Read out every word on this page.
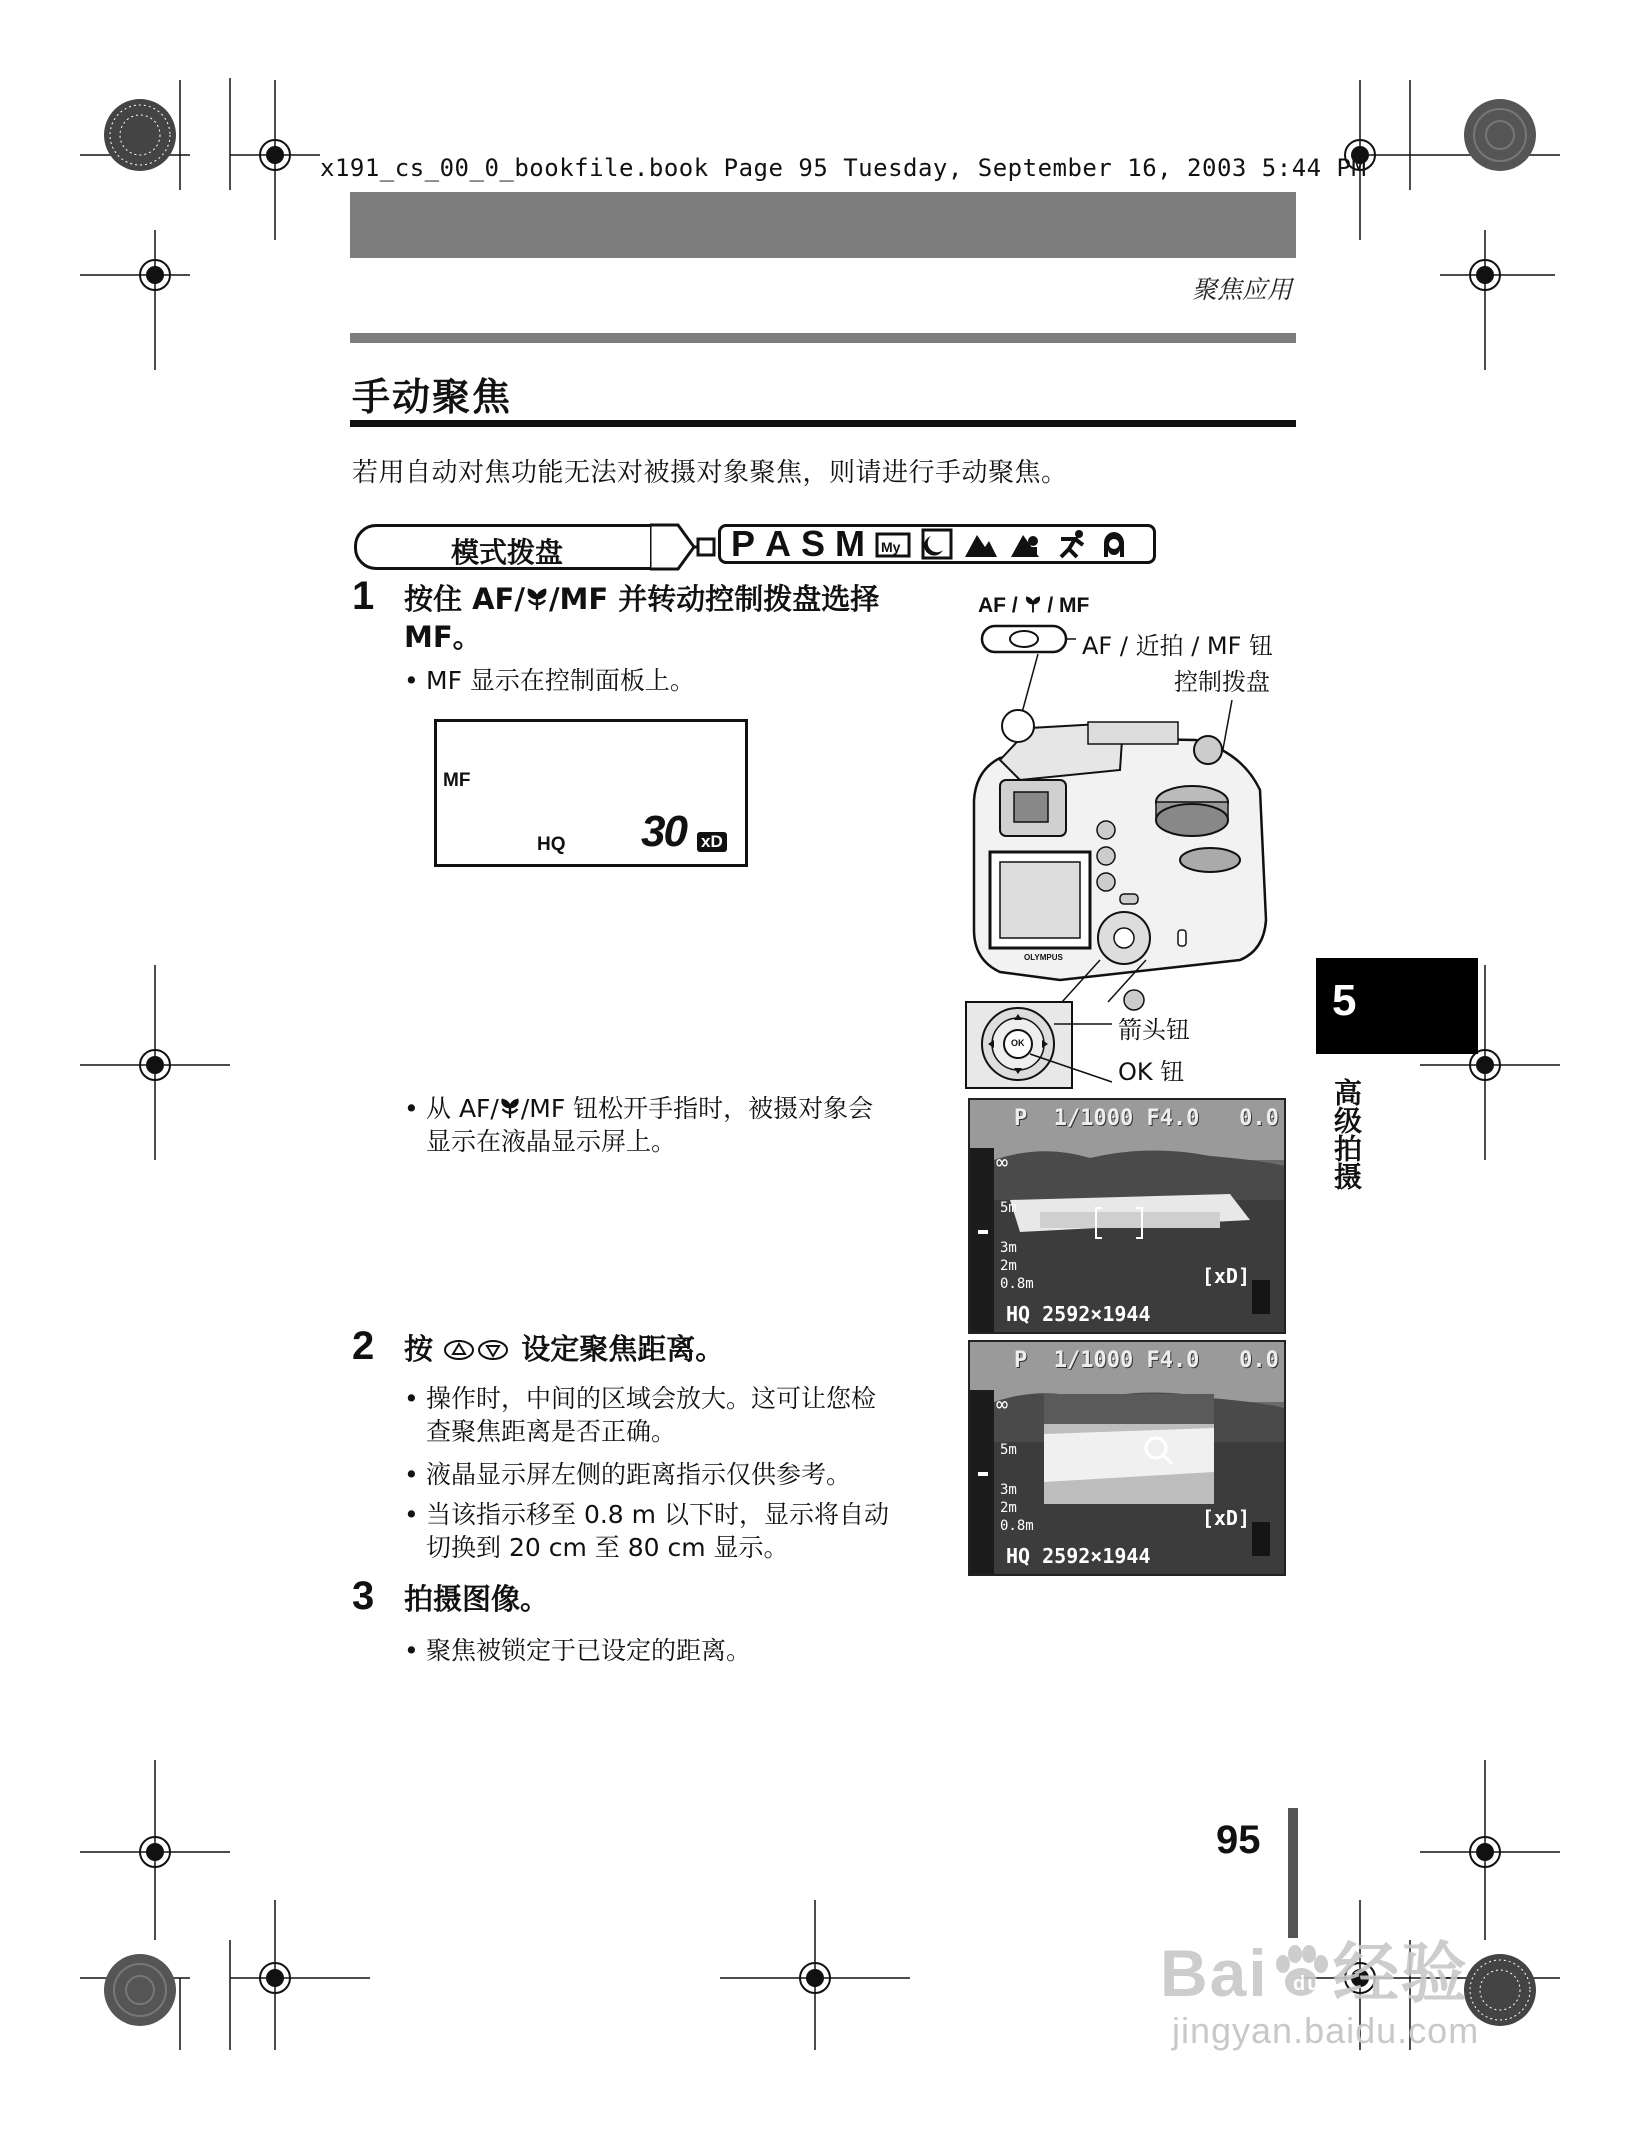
x191_cs_00_0_bookfile.book Page 95 Tuesday, September 16, 2003 5:44 PM
聚焦应用
手动聚焦
若用自动对焦功能无法对被摄对象聚焦，则请进行手动聚焦。
模式拨盘	P A S M My
1 按住 AF/ /MF 并转动控制拨盘选择
MF。
• MF 显示在控制面板上。
MF
HQ 30 xD
• 从 AF/ /MF 钮松开手指时，被摄对象会
显示在液晶显示屏上。
AF /  / MF
OLYMPUS
OK
AF / 近拍 / MF 钮
控制拨盘
箭头钮
OK 钮
P  1/1000 F4.0   0.0
∞
5m
3m
2m
0.8m	[xD]
HQ 2592×1944
P  1/1000 F4.0   0.0
∞
5m
3m
2m
0.8m	[xD]
HQ 2592×1944
2 按	设定聚焦距离。
• 操作时，中间的区域会放大。这可让您检
查聚焦距离是否正确。
• 液晶显示屏左侧的距离指示仅供参考。
• 当该指示移至 0.8 m 以下时，显示将自动
切换到 20 cm 至 80 cm 显示。
3 拍摄图像。
• 聚焦被锁定于已设定的距离。
5
高级拍摄
95
Bai du 经验
jingyan.baidu.com
